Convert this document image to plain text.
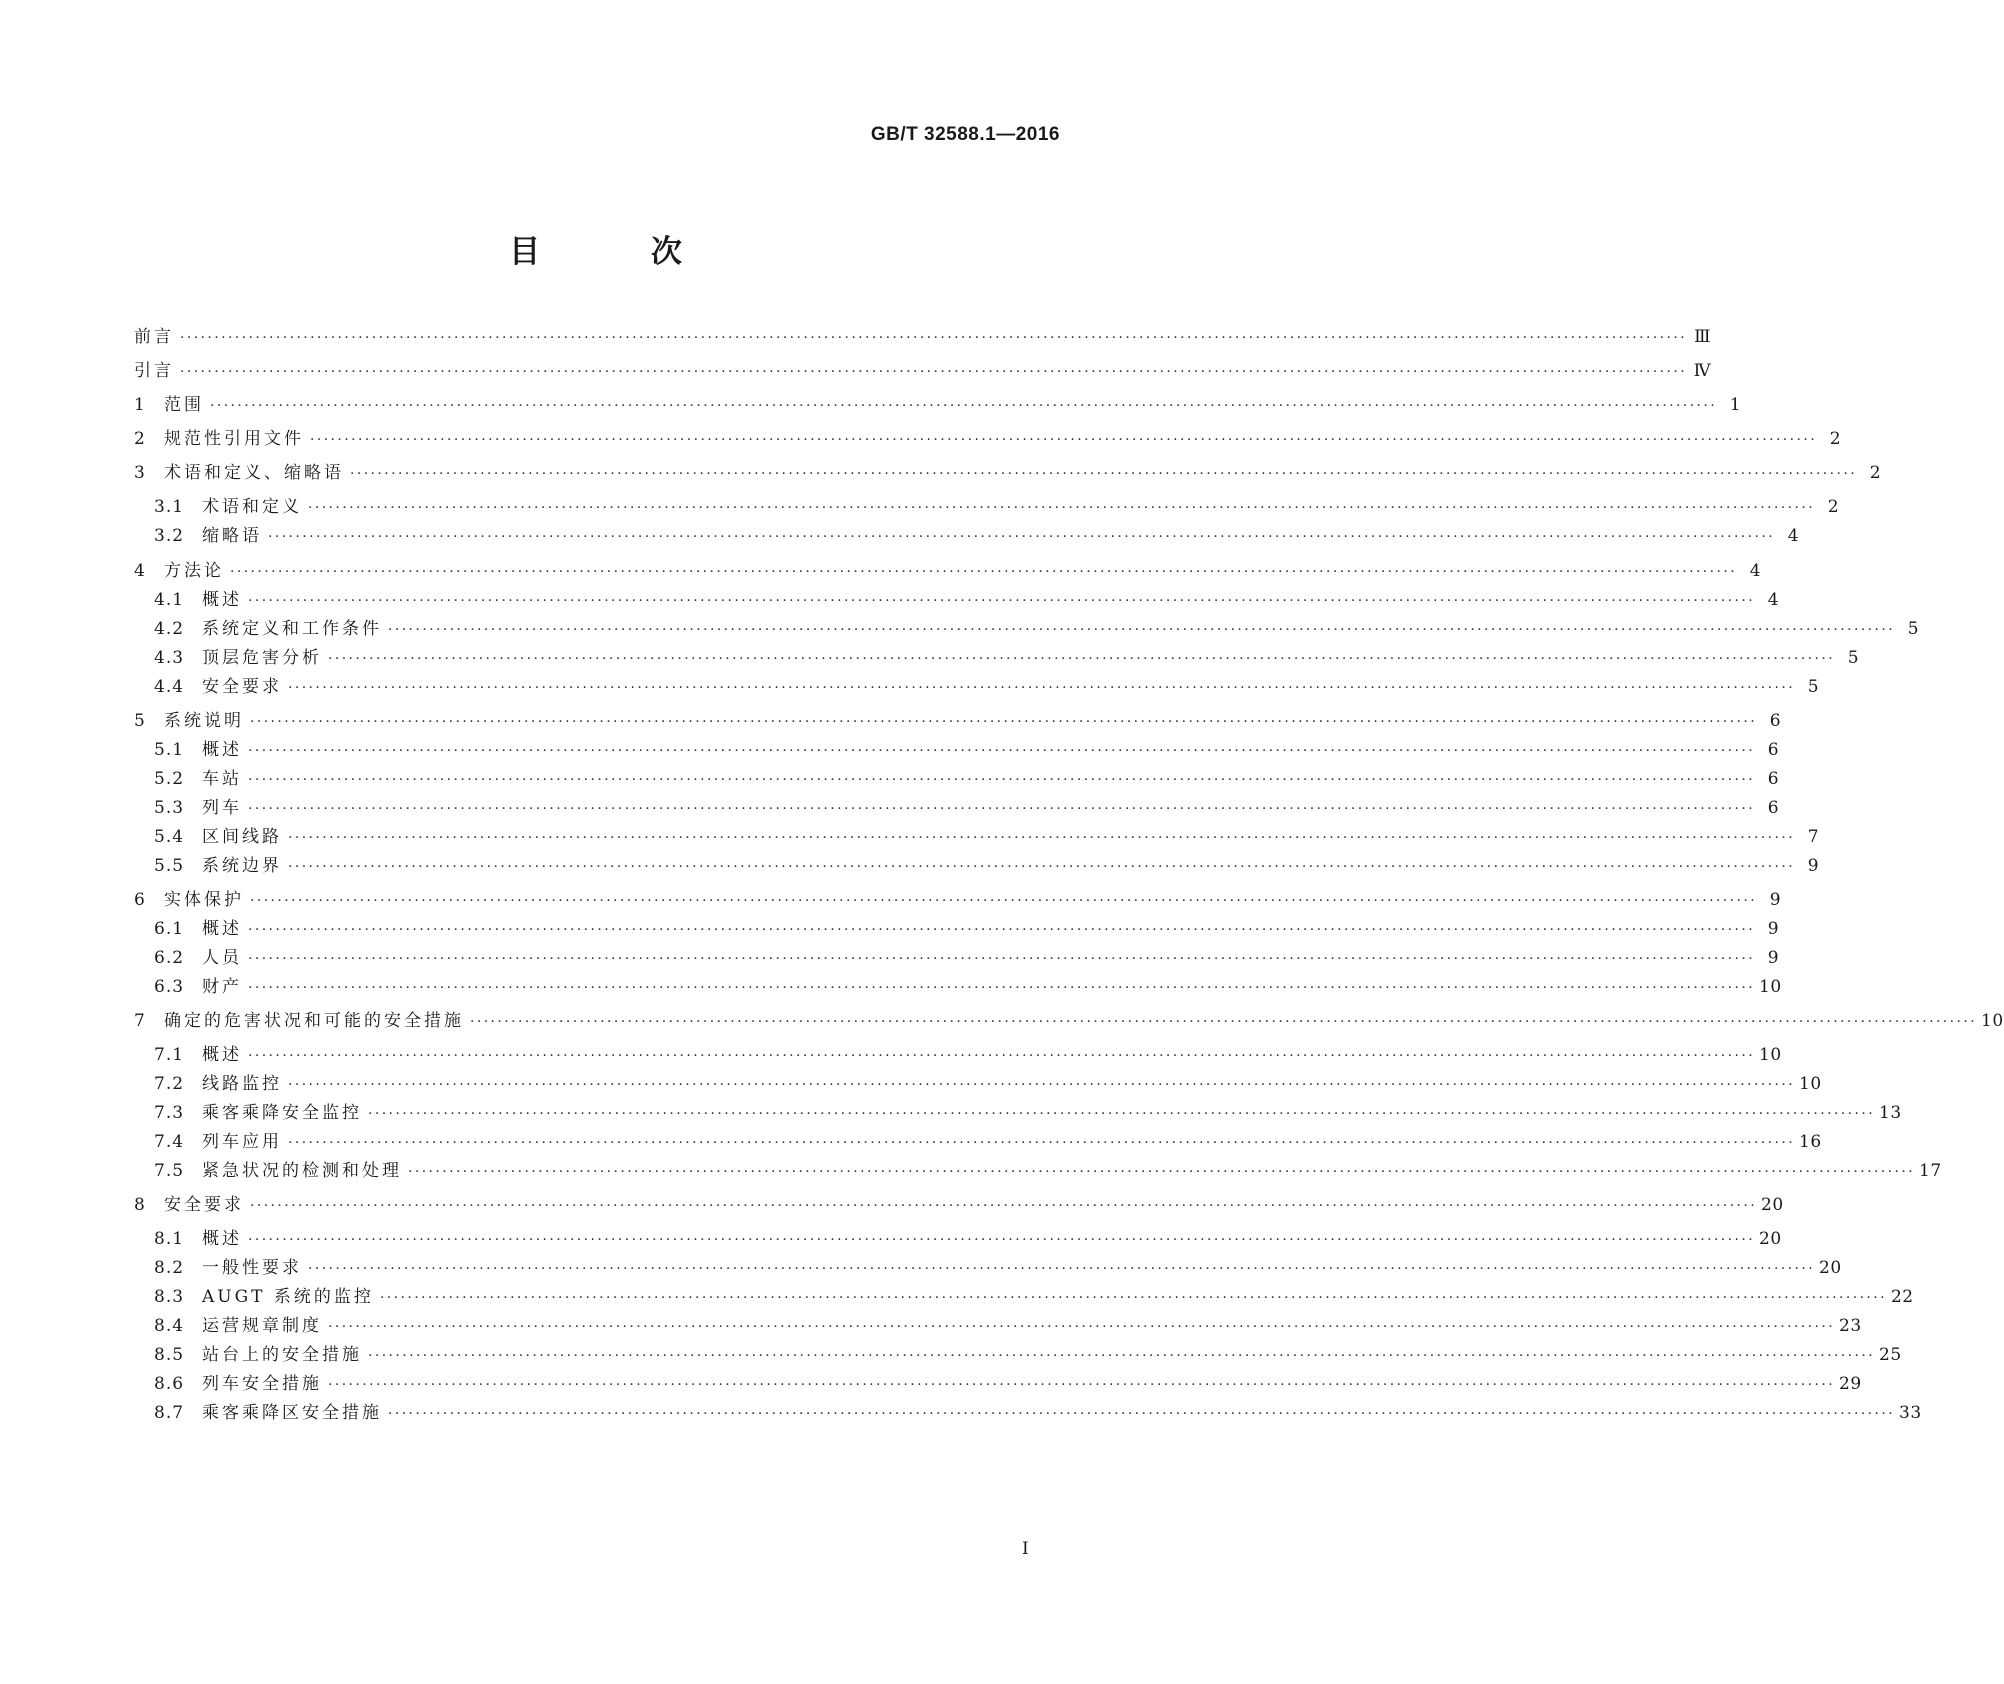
GB/T 32588.1—2016
目 次
前言 ···························································································································································································································· Ⅲ
引言 ···························································································································································································································· Ⅳ
1	范围 ···························································································································································································································· 1
2	规范性引用文件 ···························································································································································································································· 2
3	术语和定义、缩略语 ···························································································································································································································· 2
3.1	术语和定义 ···························································································································································································································· 2
3.2	缩略语 ···························································································································································································································· 4
4	方法论 ···························································································································································································································· 4
4.1	概述 ···························································································································································································································· 4
4.2	系统定义和工作条件 ···························································································································································································································· 5
4.3	顶层危害分析 ···························································································································································································································· 5
4.4	安全要求 ···························································································································································································································· 5
5	系统说明 ···························································································································································································································· 6
5.1	概述 ···························································································································································································································· 6
5.2	车站 ···························································································································································································································· 6
5.3	列车 ···························································································································································································································· 6
5.4	区间线路 ···························································································································································································································· 7
5.5	系统边界 ···························································································································································································································· 9
6	实体保护 ···························································································································································································································· 9
6.1	概述 ···························································································································································································································· 9
6.2	人员 ···························································································································································································································· 9
6.3	财产 ···························································································································································································································· 10
7	确定的危害状况和可能的安全措施 ···························································································································································································································· 10
7.1	概述 ···························································································································································································································· 10
7.2	线路监控 ···························································································································································································································· 10
7.3	乘客乘降安全监控 ···························································································································································································································· 13
7.4	列车应用 ···························································································································································································································· 16
7.5	紧急状况的检测和处理 ···························································································································································································································· 17
8	安全要求 ···························································································································································································································· 20
8.1	概述 ···························································································································································································································· 20
8.2	一般性要求 ···························································································································································································································· 20
8.3	AUGT 系统的监控 ···························································································································································································································· 22
8.4	运营规章制度 ···························································································································································································································· 23
8.5	站台上的安全措施 ···························································································································································································································· 25
8.6	列车安全措施 ···························································································································································································································· 29
8.7	乘客乘降区安全措施 ···························································································································································································································· 33
I
